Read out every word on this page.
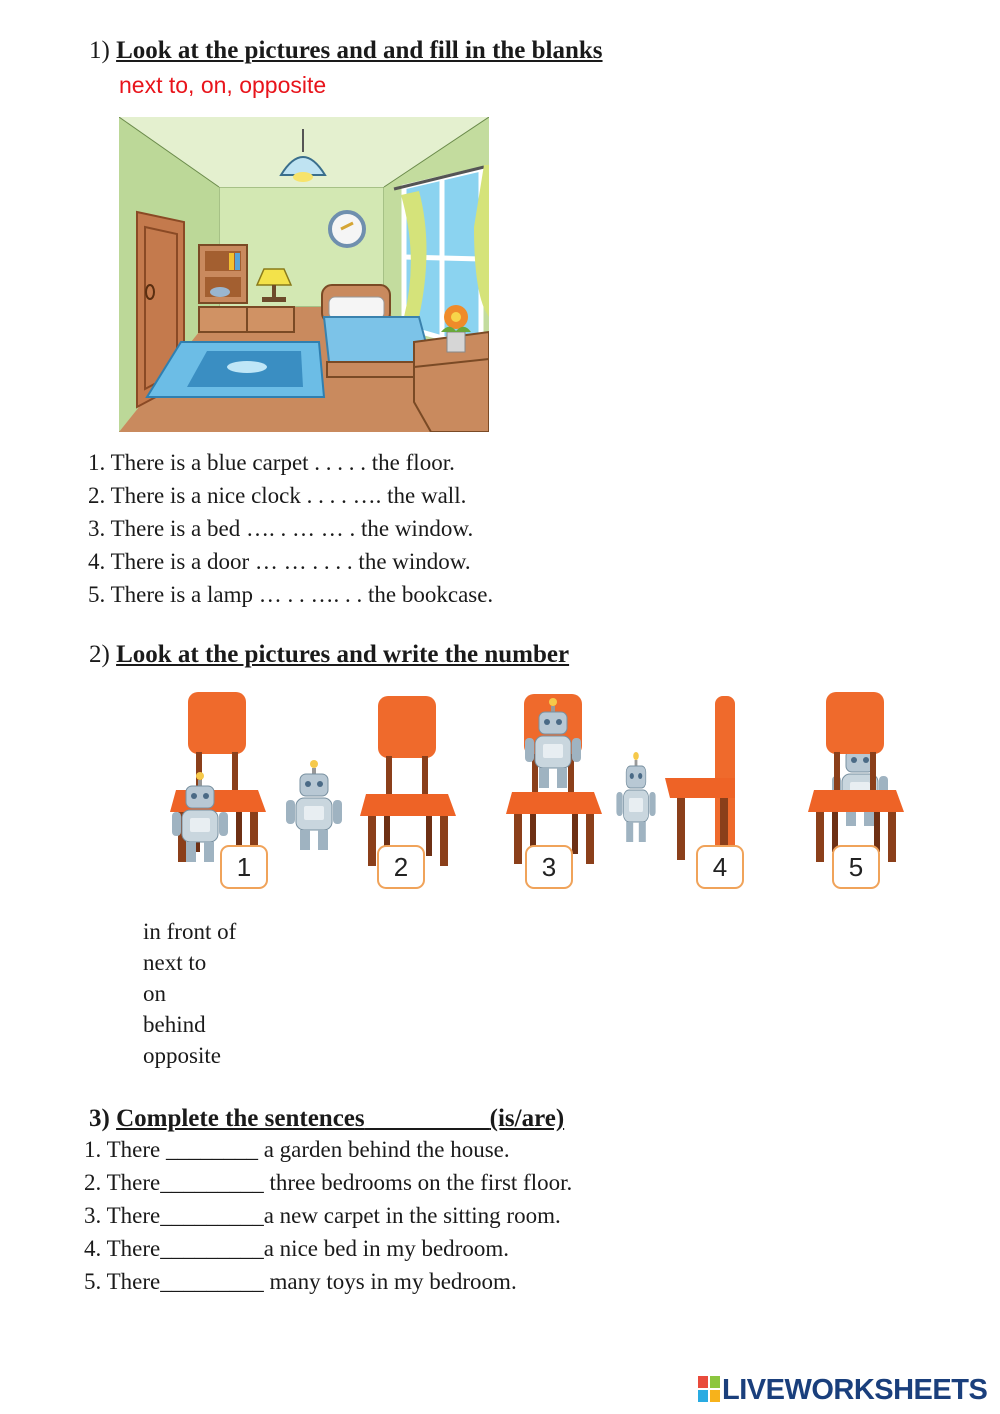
1) Look at the pictures and and fill in the blanks
next to, on, opposite
1. There is a blue carpet . . . . . the floor.
2. There is a nice clock . . . . …. the wall.
3. There is a bed …. . … … . the window.
4. There is a door … … . . . . the window.
5. There is a lamp … . . …. . . the bookcase.
2) Look at the pictures and write the number
1	2	3	4	5
in front of
next to
on
behind
opposite
3) Complete the sentences	(is/are)
1. There ________ a garden behind the house.
2. There_________ three bedrooms on the first floor.
3. There_________a new carpet in the sitting room.
4. There_________a nice bed in my bedroom.
5. There_________ many toys in my bedroom.
LIVEWORKSHEETS
